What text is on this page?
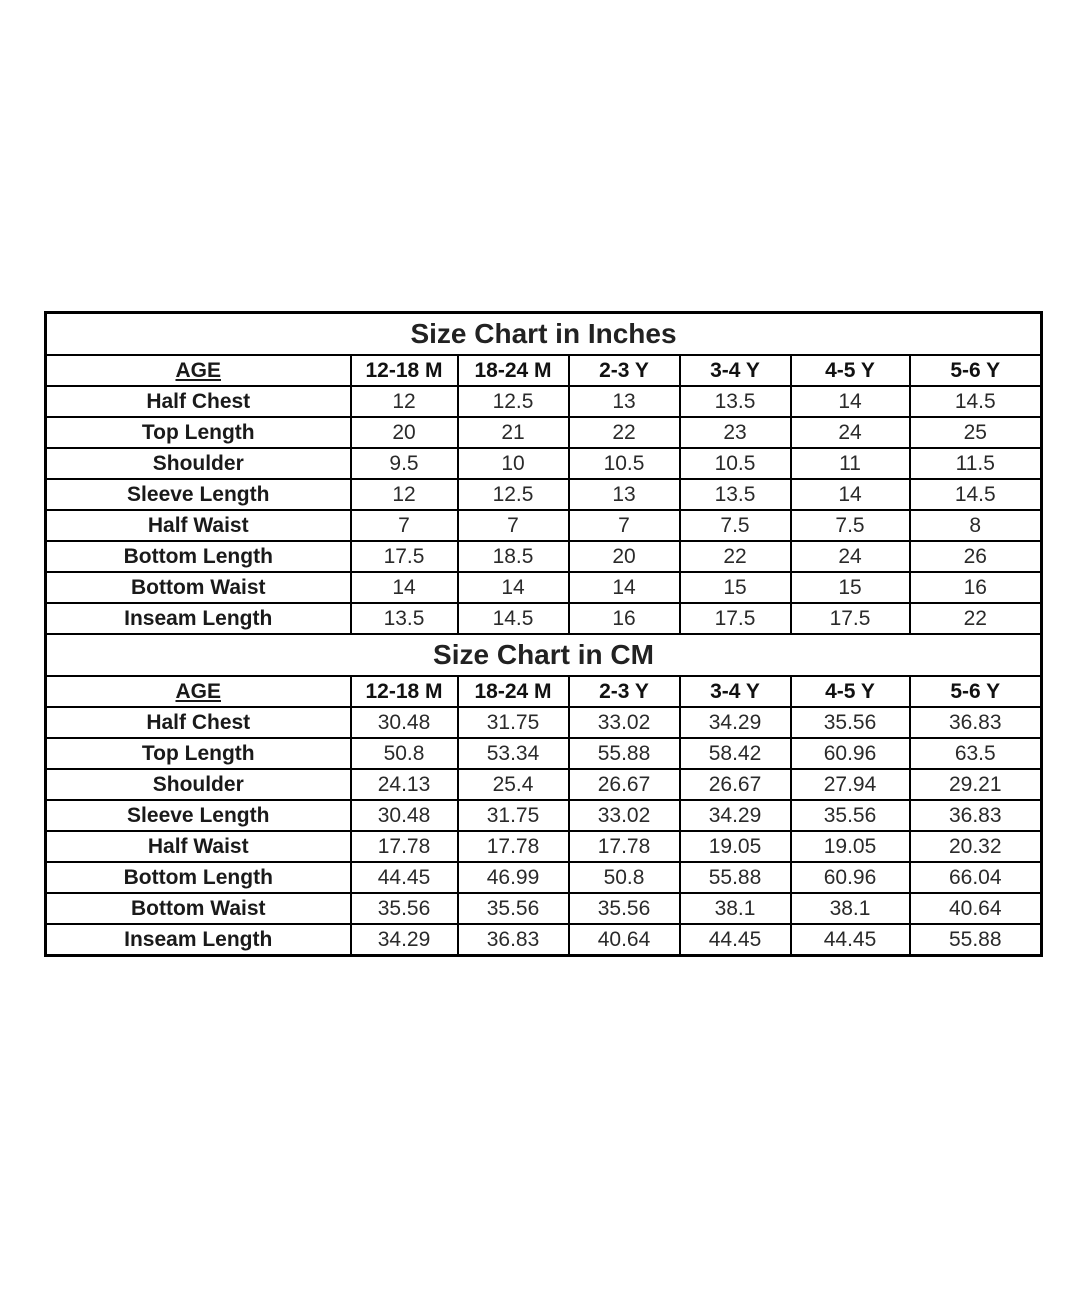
Size Chart in Inches						
AGE	12-18 M	18-24 M	2-3 Y	3-4 Y	4-5 Y	5-6 Y
Half Chest	12	12.5	13	13.5	14	14.5
Top Length	20	21	22	23	24	25
Shoulder	9.5	10	10.5	10.5	11	11.5
Sleeve Length	12	12.5	13	13.5	14	14.5
Half Waist	7	7	7	7.5	7.5	8
Bottom Length	17.5	18.5	20	22	24	26
Bottom Waist	14	14	14	15	15	16
Inseam Length	13.5	14.5	16	17.5	17.5	22
Size Chart in CM						
AGE	12-18 M	18-24 M	2-3 Y	3-4 Y	4-5 Y	5-6 Y
Half Chest	30.48	31.75	33.02	34.29	35.56	36.83
Top Length	50.8	53.34	55.88	58.42	60.96	63.5
Shoulder	24.13	25.4	26.67	26.67	27.94	29.21
Sleeve Length	30.48	31.75	33.02	34.29	35.56	36.83
Half Waist	17.78	17.78	17.78	19.05	19.05	20.32
Bottom Length	44.45	46.99	50.8	55.88	60.96	66.04
Bottom Waist	35.56	35.56	35.56	38.1	38.1	40.64
Inseam Length	34.29	36.83	40.64	44.45	44.45	55.88
